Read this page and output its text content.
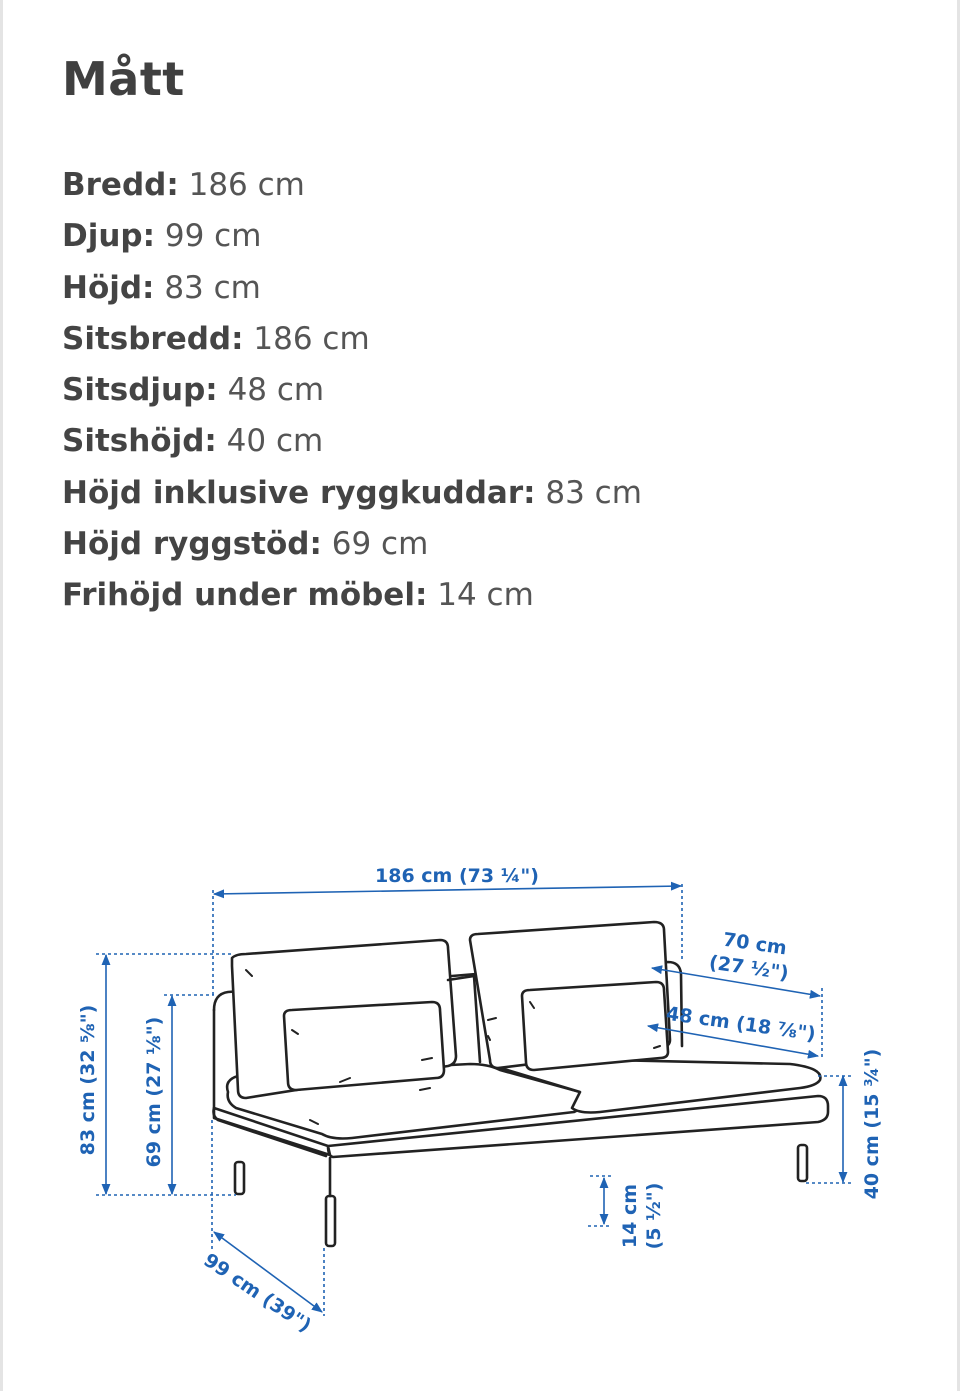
Mått
Bredd: 186 cm
Djup: 99 cm
Höjd: 83 cm
Sitsbredd: 186 cm
Sitsdjup: 48 cm
Sitshöjd: 40 cm
Höjd inklusive ryggkuddar: 83 cm
Höjd ryggstöd: 69 cm
Frihöjd under möbel: 14 cm
186 cm (73 ¼")
70 cm
(27 ½")
48 cm (18 ⅞")
40 cm (15 ¾")
14 cm (5 ½")
99 cm (39")
83 cm (32 ⅝") 69 cm (27 ⅛")
